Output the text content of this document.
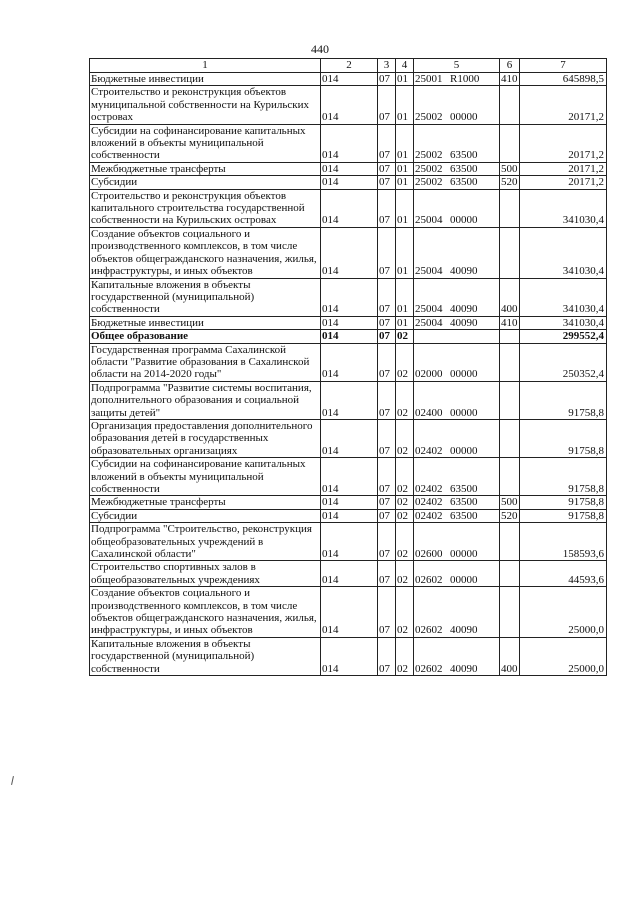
440
1	2	3	4	5	6	7
Бюджетные инвестиции	014	07	01	25001 R1000	410	645898,5
Строительство и реконструкция объектов муниципальной собственности на Курильских островах	014	07	01	25002 00000		20171,2
Субсидии на софинансирование капитальных вложений в объекты муниципальной собственности	014	07	01	25002 63500		20171,2
Межбюджетные трансферты	014	07	01	25002 63500	500	20171,2
Субсидии	014	07	01	25002 63500	520	20171,2
Строительство и реконструкция объектов капитального строительства государственной собственности на Курильских островах	014	07	01	25004 00000		341030,4
Создание объектов социального и производственного комплексов, в том числе объектов общегражданского назначения, жилья, инфраструктуры, и иных объектов	014	07	01	25004 40090		341030,4
Капитальные вложения в объекты государственной (муниципальной) собственности	014	07	01	25004 40090	400	341030,4
Бюджетные инвестиции	014	07	01	25004 40090	410	341030,4
Общее образование	014	07	02			299552,4
Государственная программа Сахалинской области "Развитие образования в Сахалинской области на 2014-2020 годы"	014	07	02	02000 00000		250352,4
Подпрограмма "Развитие системы воспитания, дополнительного образования и социальной защиты детей"	014	07	02	02400 00000		91758,8
Организация предоставления дополнительного образования детей в государственных образовательных организациях	014	07	02	02402 00000		91758,8
Субсидии на софинансирование капитальных вложений в объекты муниципальной собственности	014	07	02	02402 63500		91758,8
Межбюджетные трансферты	014	07	02	02402 63500	500	91758,8
Субсидии	014	07	02	02402 63500	520	91758,8
Подпрограмма "Строительство, реконструкция общеобразовательных учреждений в Сахалинской области"	014	07	02	02600 00000		158593,6
Строительство спортивных залов в общеобразовательных учреждениях	014	07	02	02602 00000		44593,6
Создание объектов социального и производственного комплексов, в том числе объектов общегражданского назначения, жилья, инфраструктуры, и иных объектов	014	07	02	02602 40090		25000,0
Капитальные вложения в объекты государственной (муниципальной) собственности	014	07	02	02602 40090	400	25000,0
